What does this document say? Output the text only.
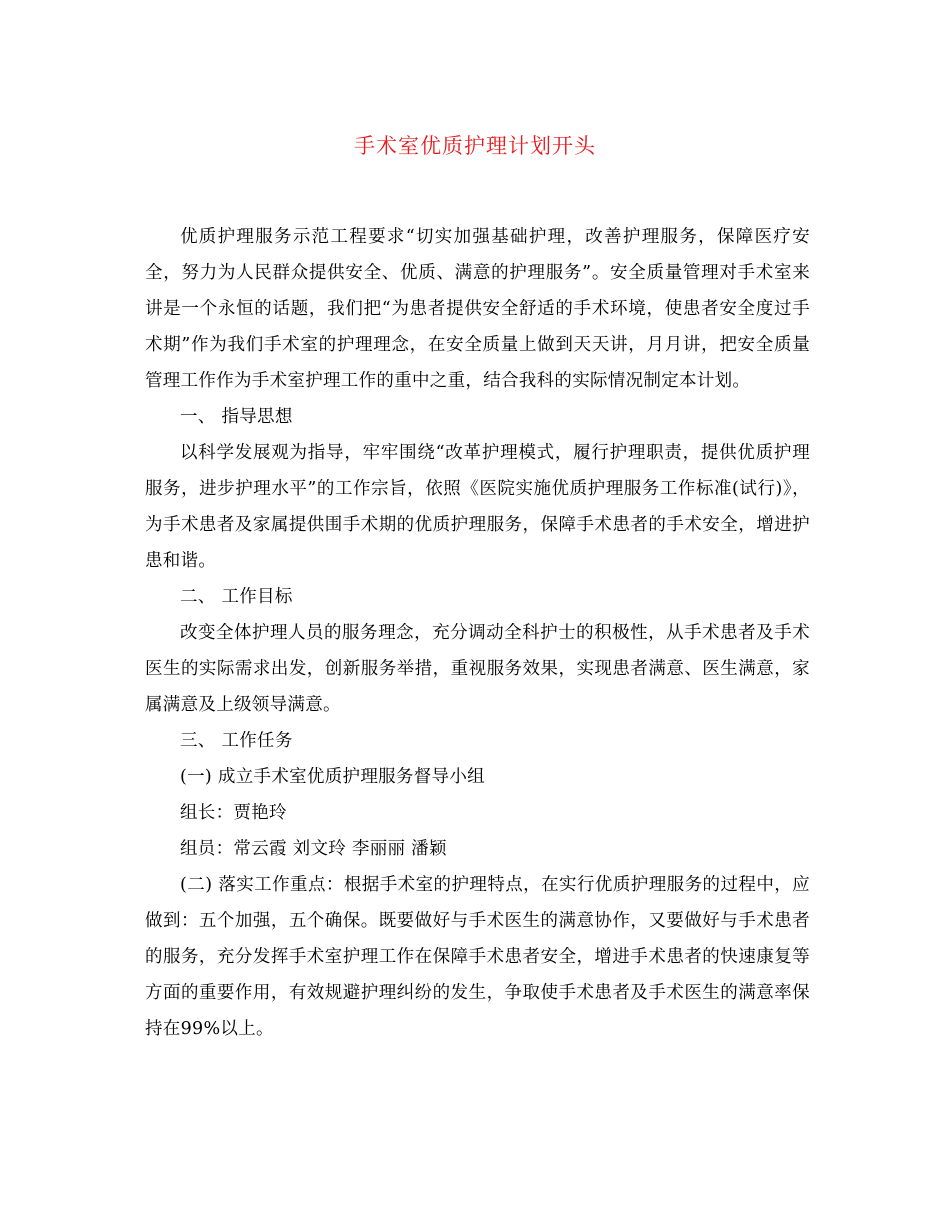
手术室优质护理计划开头

优质护理服务示范工程要求“切实加强基础护理，改善护理服务，保障医疗安全，努力为人民群众提供安全、优质、满意的护理服务”。安全质量管理对手术室来讲是一个永恒的话题，我们把“为患者提供安全舒适的手术环境，使患者安全度过手术期”作为我们手术室的护理理念，在安全质量上做到天天讲，月月讲，把安全质量管理工作作为手术室护理工作的重中之重，结合我科的实际情况制定本计划。

一、 指导思想

以科学发展观为指导，牢牢围绕“改革护理模式，履行护理职责，提供优质护理服务，进步护理水平”的工作宗旨，依照《医院实施优质护理服务工作标准(试行)》，为手术患者及家属提供围手术期的优质护理服务，保障手术患者的手术安全，增进护患和谐。

二、 工作目标

改变全体护理人员的服务理念，充分调动全科护士的积极性，从手术患者及手术医生的实际需求出发，创新服务举措，重视服务效果，实现患者满意、医生满意，家属满意及上级领导满意。

三、 工作任务

(一) 成立手术室优质护理服务督导小组

组长：贾艳玲

组员：常云霞 刘文玲 李丽丽 潘颖

(二) 落实工作重点：根据手术室的护理特点，在实行优质护理服务的过程中，应做到：五个加强，五个确保。既要做好与手术医生的满意协作，又要做好与手术患者的服务，充分发挥手术室护理工作在保障手术患者安全，增进手术患者的快速康复等方面的重要作用，有效规避护理纠纷的发生，争取使手术患者及手术医生的满意率保持在99%以上。
